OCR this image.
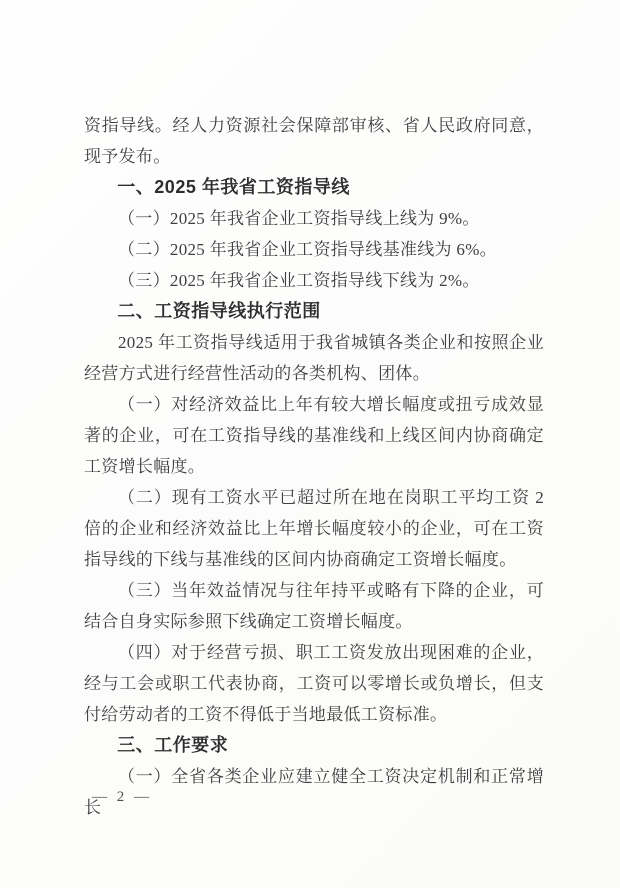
资指导线。经人力资源社会保障部审核、省人民政府同意，现予发布。

一、2025 年我省工资指导线

（一）2025 年我省企业工资指导线上线为 9%。

（二）2025 年我省企业工资指导线基准线为 6%。

（三）2025 年我省企业工资指导线下线为 2%。

二、工资指导线执行范围

2025 年工资指导线适用于我省城镇各类企业和按照企业经营方式进行经营性活动的各类机构、团体。

（一）对经济效益比上年有较大增长幅度或扭亏成效显著的企业，可在工资指导线的基准线和上线区间内协商确定工资增长幅度。

（二）现有工资水平已超过所在地在岗职工平均工资 2 倍的企业和经济效益比上年增长幅度较小的企业，可在工资指导线的下线与基准线的区间内协商确定工资增长幅度。

（三）当年效益情况与往年持平或略有下降的企业，可结合自身实际参照下线确定工资增长幅度。

（四）对于经营亏损、职工工资发放出现困难的企业，经与工会或职工代表协商，工资可以零增长或负增长，但支付给劳动者的工资不得低于当地最低工资标准。

三、工作要求

（一）全省各类企业应建立健全工资决定机制和正常增长

— 2 —
